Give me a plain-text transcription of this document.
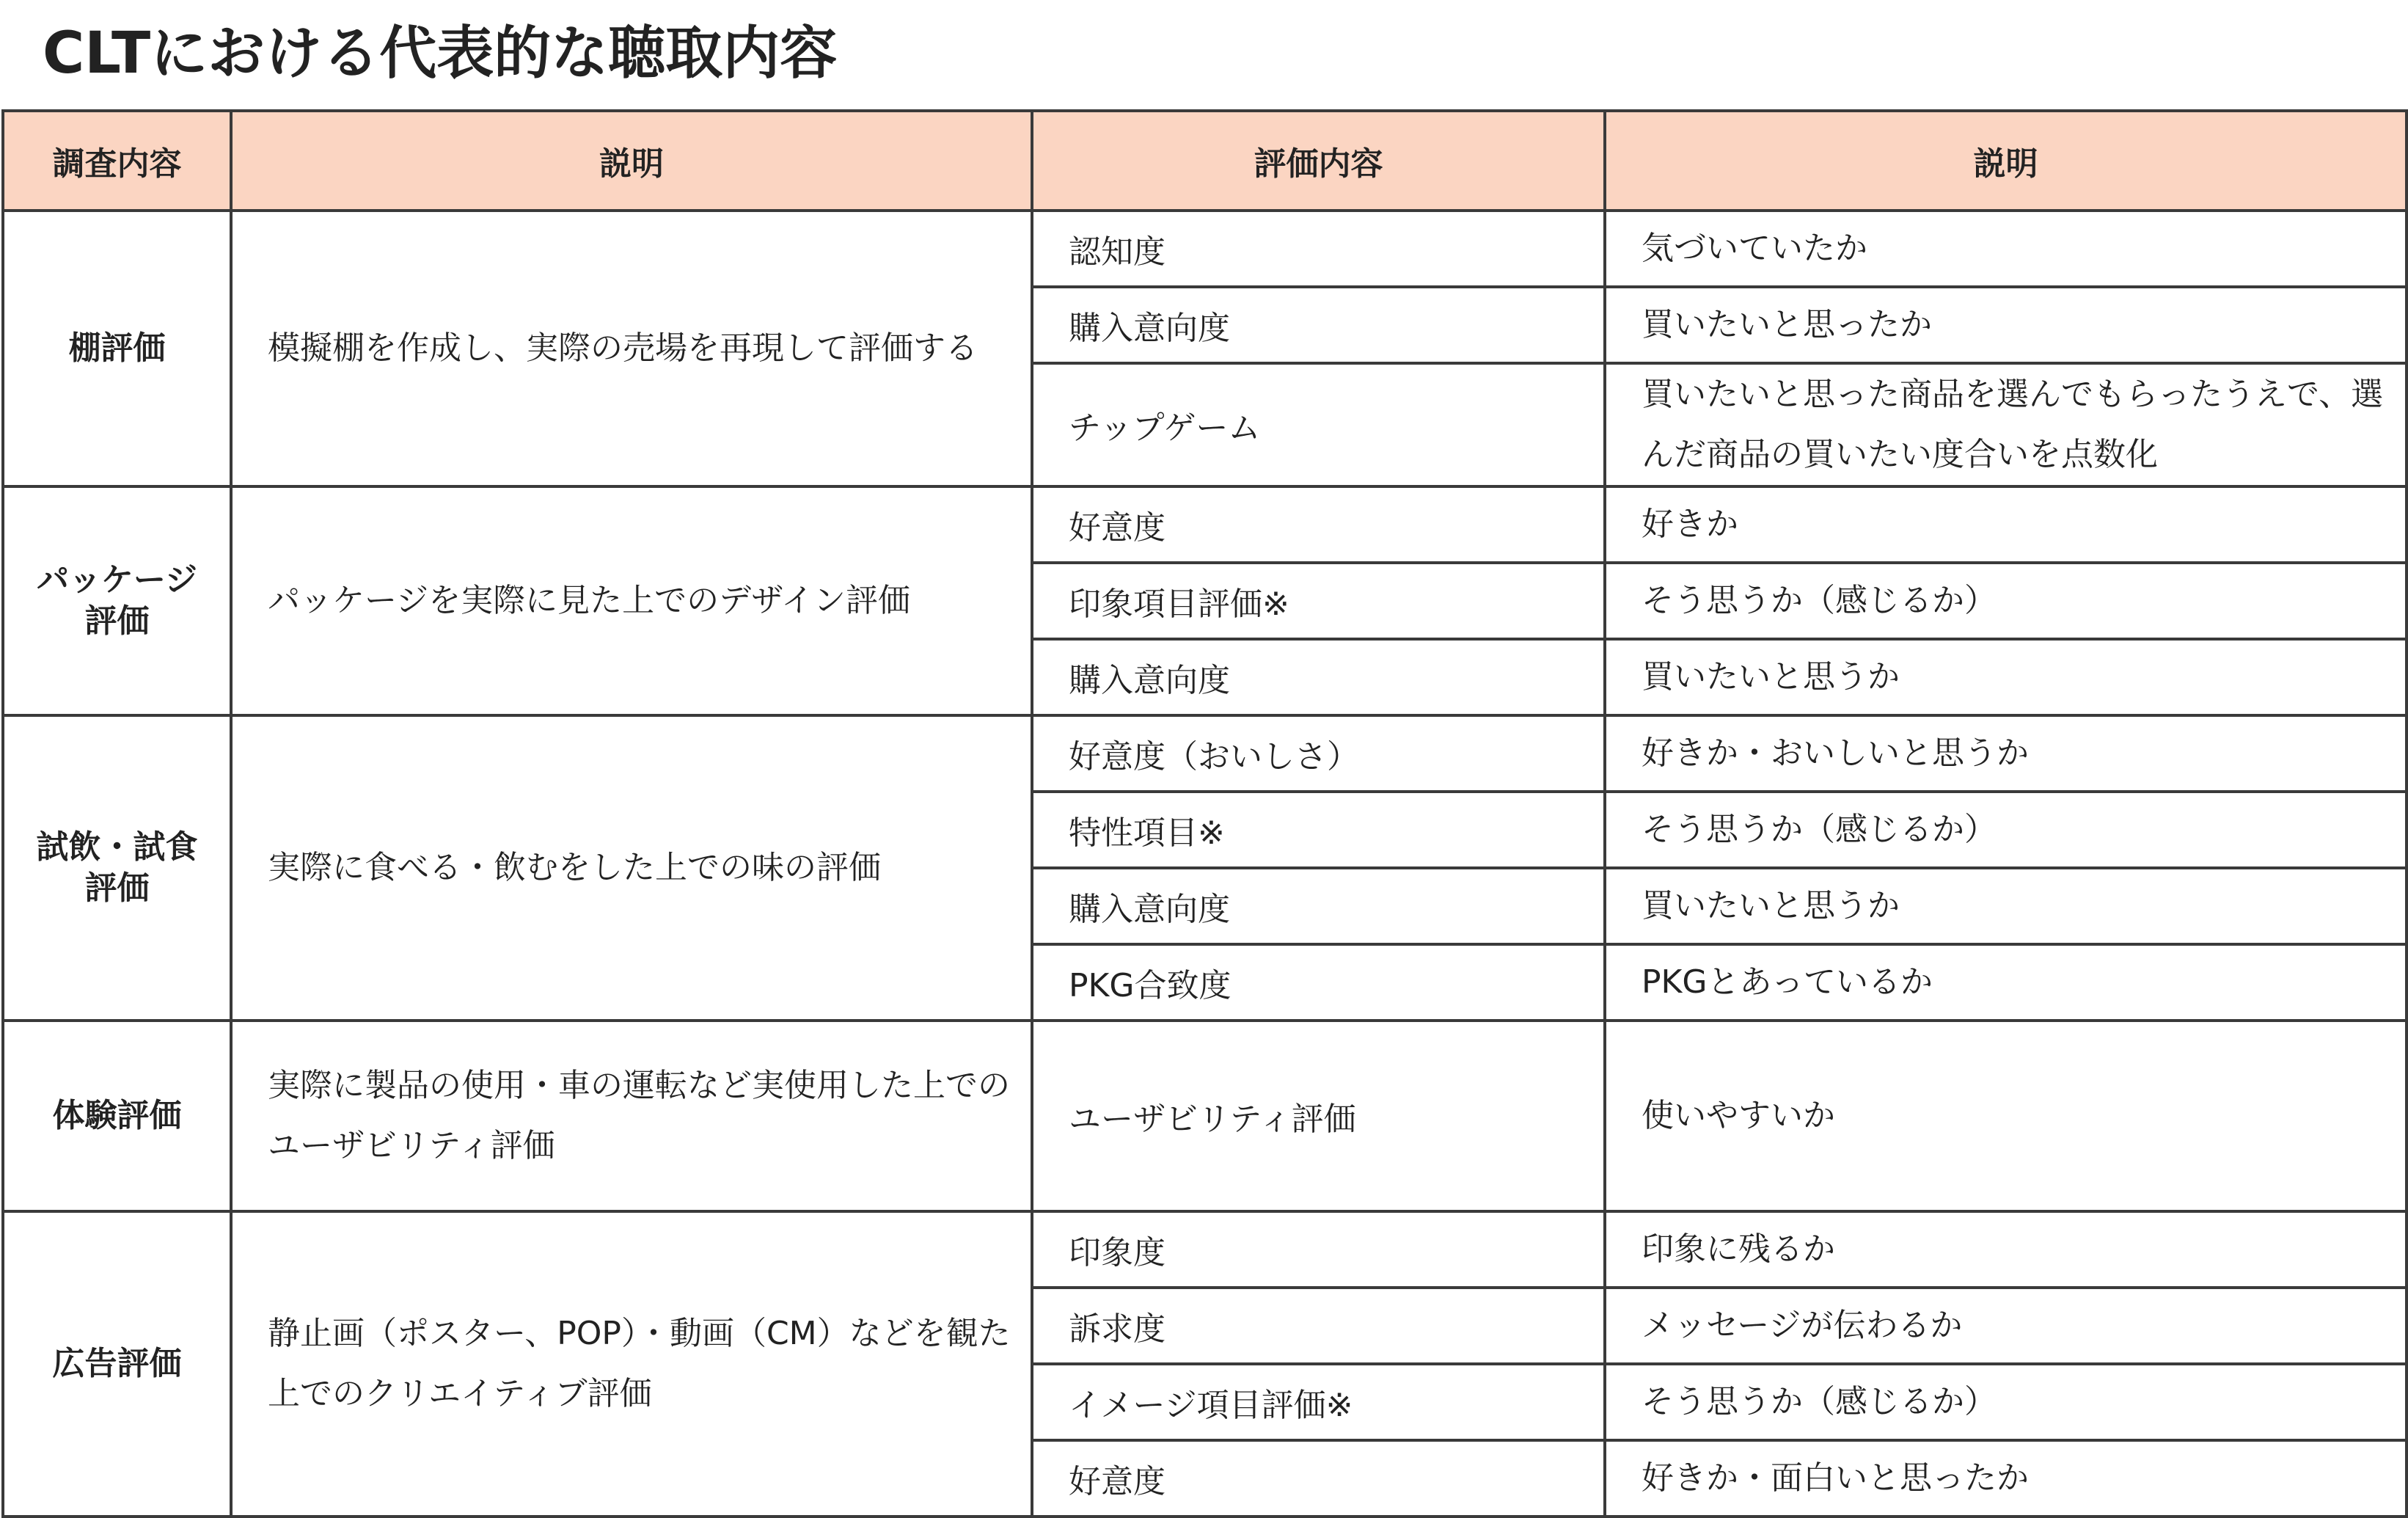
CLTにおける代表的な聴取内容
調査内容	説明	評価内容	説明

棚評価	模擬棚を作成し、実際の売場を再現して評価する	認知度	気づいていたか
		購入意向度	買いたいと思ったか
		チップゲーム	買いたいと思った商品を選んでもらったうえで、選んだ商品の買いたい度合いを点数化

パッケージ
評価	パッケージを実際に見た上でのデザイン評価	好意度	好きか
		印象項目評価※	そう思うか（感じるか）
		購入意向度	買いたいと思うか

試飲・試食
評価	実際に食べる・飲むをした上での味の評価	好意度（おいしさ）	好きか・おいしいと思うか
		特性項目※	そう思うか（感じるか）
		購入意向度	買いたいと思うか
		PKG合致度	PKGとあっているか

体験評価	実際に製品の使用・車の運転など実使用した上でのユーザビリティ評価	ユーザビリティ評価	使いやすいか

広告評価	静止画（ポスター、POP）・動画（CM）などを観た上でのクリエイティブ評価	印象度	印象に残るか
		訴求度	メッセージが伝わるか
		イメージ項目評価※	そう思うか（感じるか）
		好意度	好きか・面白いと思ったか
